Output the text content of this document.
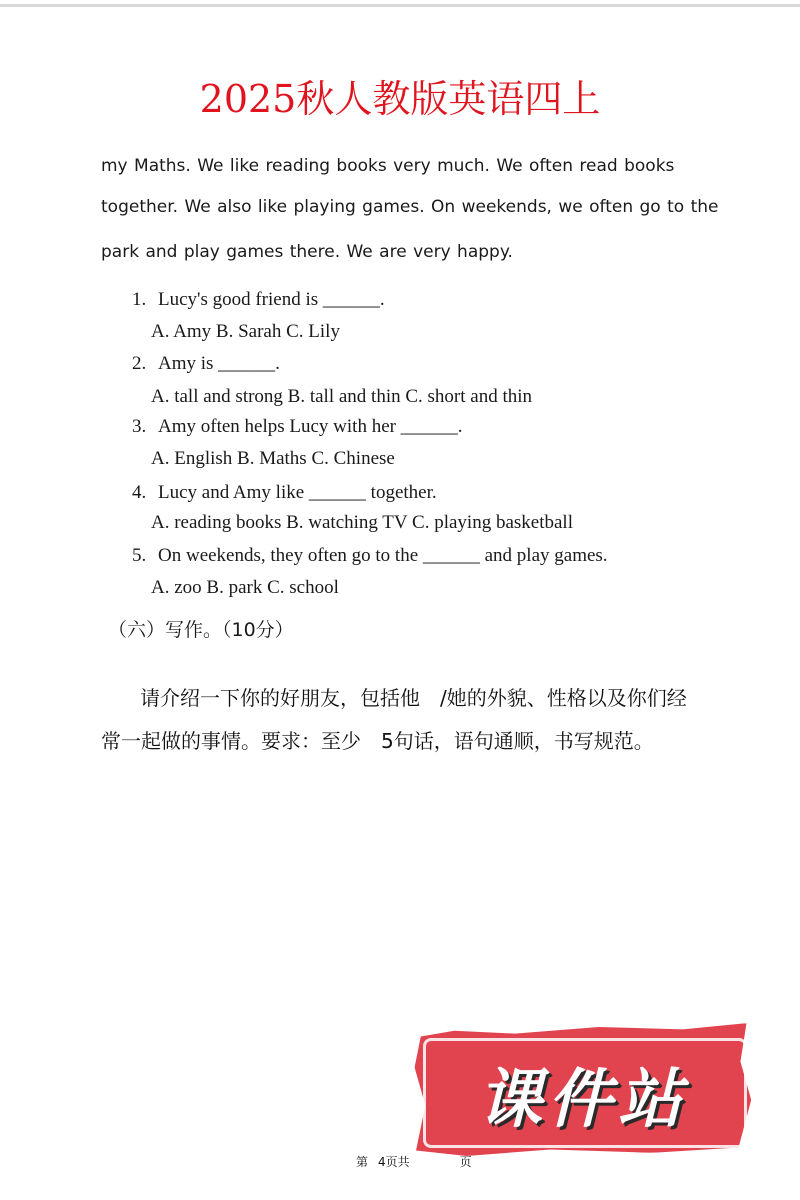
2025秋人教版英语四上
my Maths. We like reading books very much. We often read books
together. We also like playing games. On weekends, we often go to the
park and play games there. We are very happy.
1. Lucy's good friend is ______.
A. Amy B. Sarah C. Lily
2. Amy is ______.
A. tall and strong B. tall and thin C. short and thin
3. Amy often helps Lucy with her ______.
A. English B. Maths C. Chinese
4. Lucy and Amy like ______ together.
A. reading books B. watching TV C. playing basketball
5. On weekends, they often go to the ______ and play games.
A. zoo B. park C. school
（六）写作。（10分）
请介绍一下你的好朋友，包括他　/她的外貌、性格以及你们经
常一起做的事情。要求：至少　5句话，语句通顺，书写规范。
课件站
第 4页共	页
